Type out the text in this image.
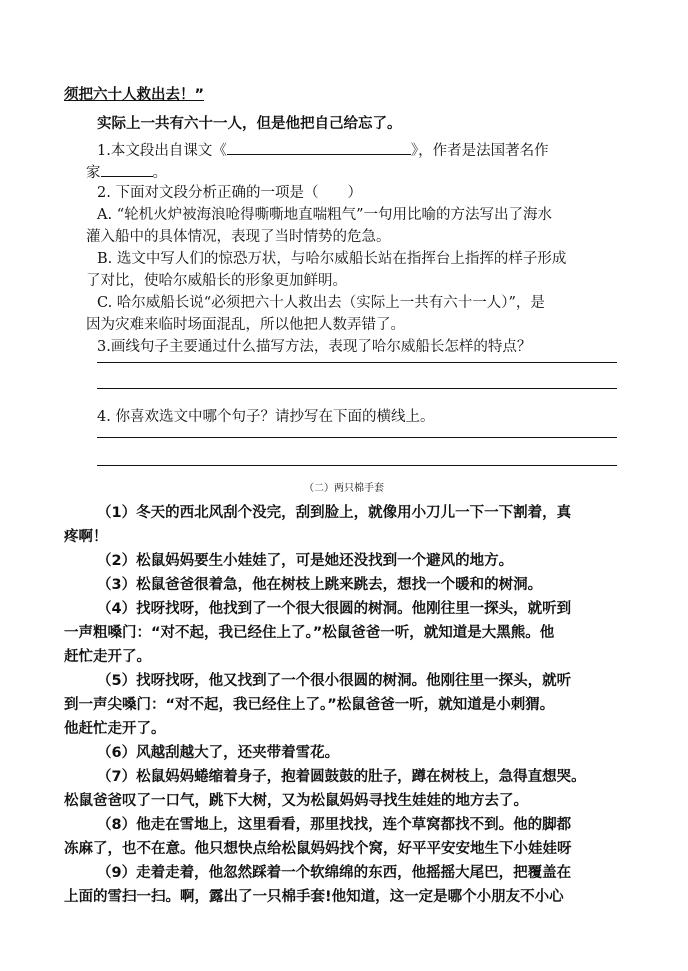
须把六十人救出去！”
实际上一共有六十一人，但是他把自己给忘了。
1.本文段出自课文《	》，作者是法国著名作
家	。
2. 下面对文段分析正确的一项是（　　）
A. “轮机火炉被海浪呛得嘶嘶地直喘粗气”一句用比喻的方法写出了海水
灌入船中的具体情况，表现了当时情势的危急。
B. 选文中写人们的惊恐万状，与哈尔威船长站在指挥台上指挥的样子形成
了对比，使哈尔威船长的形象更加鲜明。
C. 哈尔威船长说“必须把六十人救出去（实际上一共有六十一人）”，是
因为灾难来临时场面混乱，所以他把人数弄错了。
3.画线句子主要通过什么描写方法，表现了哈尔威船长怎样的特点？
4. 你喜欢选文中哪个句子？请抄写在下面的横线上。
（二）两只棉手套
（1）冬天的西北风刮个没完，刮到脸上，就像用小刀儿一下一下割着，真
疼啊！
（2）松鼠妈妈要生小娃娃了，可是她还没找到一个避风的地方。
（3）松鼠爸爸很着急，他在树枝上跳来跳去，想找一个暖和的树洞。
（4）找呀找呀，他找到了一个很大很圆的树洞。他刚往里一探头，就听到
一声粗嗓门：“对不起，我已经住上了。”松鼠爸爸一听，就知道是大黑熊。他
赶忙走开了。
（5）找呀找呀，他又找到了一个很小很圆的树洞。他刚往里一探头，就听
到一声尖嗓门：“对不起，我已经住上了。”松鼠爸爸一听，就知道是小刺猬。
他赶忙走开了。
（6）风越刮越大了，还夹带着雪花。
（7）松鼠妈妈蜷缩着身子，抱着圆鼓鼓的肚子，蹲在树枝上，急得直想哭。
松鼠爸爸叹了一口气，跳下大树，又为松鼠妈妈寻找生娃娃的地方去了。
（8）他走在雪地上，这里看看，那里找找，连个草窝都找不到。他的脚都
冻麻了，也不在意。他只想快点给松鼠妈妈找个窝，好平平安安地生下小娃娃呀
（9）走着走着，他忽然踩着一个软绵绵的东西，他摇摇大尾巴，把覆盖在
上面的雪扫一扫。啊，露出了一只棉手套!他知道，这一定是哪个小朋友不小心
